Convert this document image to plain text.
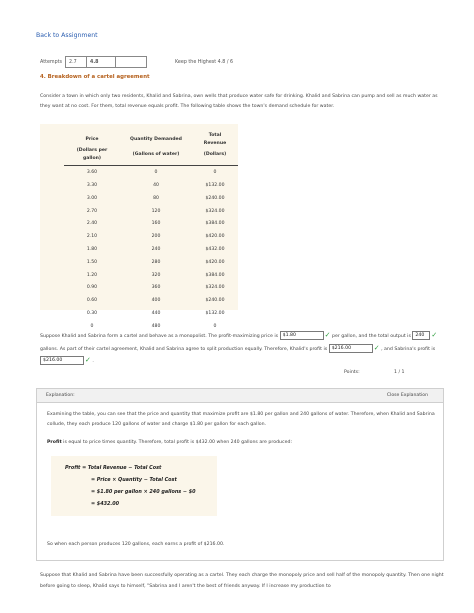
Back to Assignment
Attempts	2.7	4.8	Keep the Highest 4.8 / 6
4. Breakdown of a cartel agreement
Consider a town in which only two residents, Khalid and Sabrina, own wells that produce water safe for drinking. Khalid and Sabrina can pump and sell as much water as they want at no cost. For them, total revenue equals profit. The following table shows the town's demand schedule for water.
Price	Quantity Demanded	Total Revenue
(Dollars per gallon)	(Gallons of water)	(Dollars)
3.60	0	0
3.30	40	$132.00
3.00	80	$240.00
2.70	120	$324.00
2.40	160	$384.00
2.10	200	$420.00
1.80	240	$432.00
1.50	280	$420.00
1.20	320	$384.00
0.90	360	$324.00
0.60	400	$240.00
0.30	440	$132.00
0	480	0
Suppose Khalid and Sabrina form a cartel and behave as a monopolist. The profit-maximizing price is $1.80	✓ per gallon, and the total output is 240 ✓ gallons. As part of their cartel agreement, Khalid and Sabrina agree to split production equally. Therefore, Khalid's profit is $216.00	✓ , and Sabrina's profit is $216.00	✓ .
Points:	1 / 1
Explanation:	Close Explanation
Examining the table, you can see that the price and quantity that maximize profit are $1.80 per gallon and 240 gallons of water. Therefore, when Khalid and Sabrina collude, they each produce 120 gallons of water and charge $1.80 per gallon for each gallon.
Profit is equal to price times quantity. Therefore, total profit is $432.00 when 240 gallons are produced:
Profit = Total Revenue − Total Cost
= Price × Quantity − Total Cost
= $1.80 per gallon × 240 gallons − $0
= $432.00
So when each person produces 120 gallons, each earns a profit of $216.00.
Suppose that Khalid and Sabrina have been successfully operating as a cartel. They each charge the monopoly price and sell half of the monopoly quantity. Then one night before going to sleep, Khalid says to himself, "Sabrina and I aren't the best of friends anyway. If I increase my production to
